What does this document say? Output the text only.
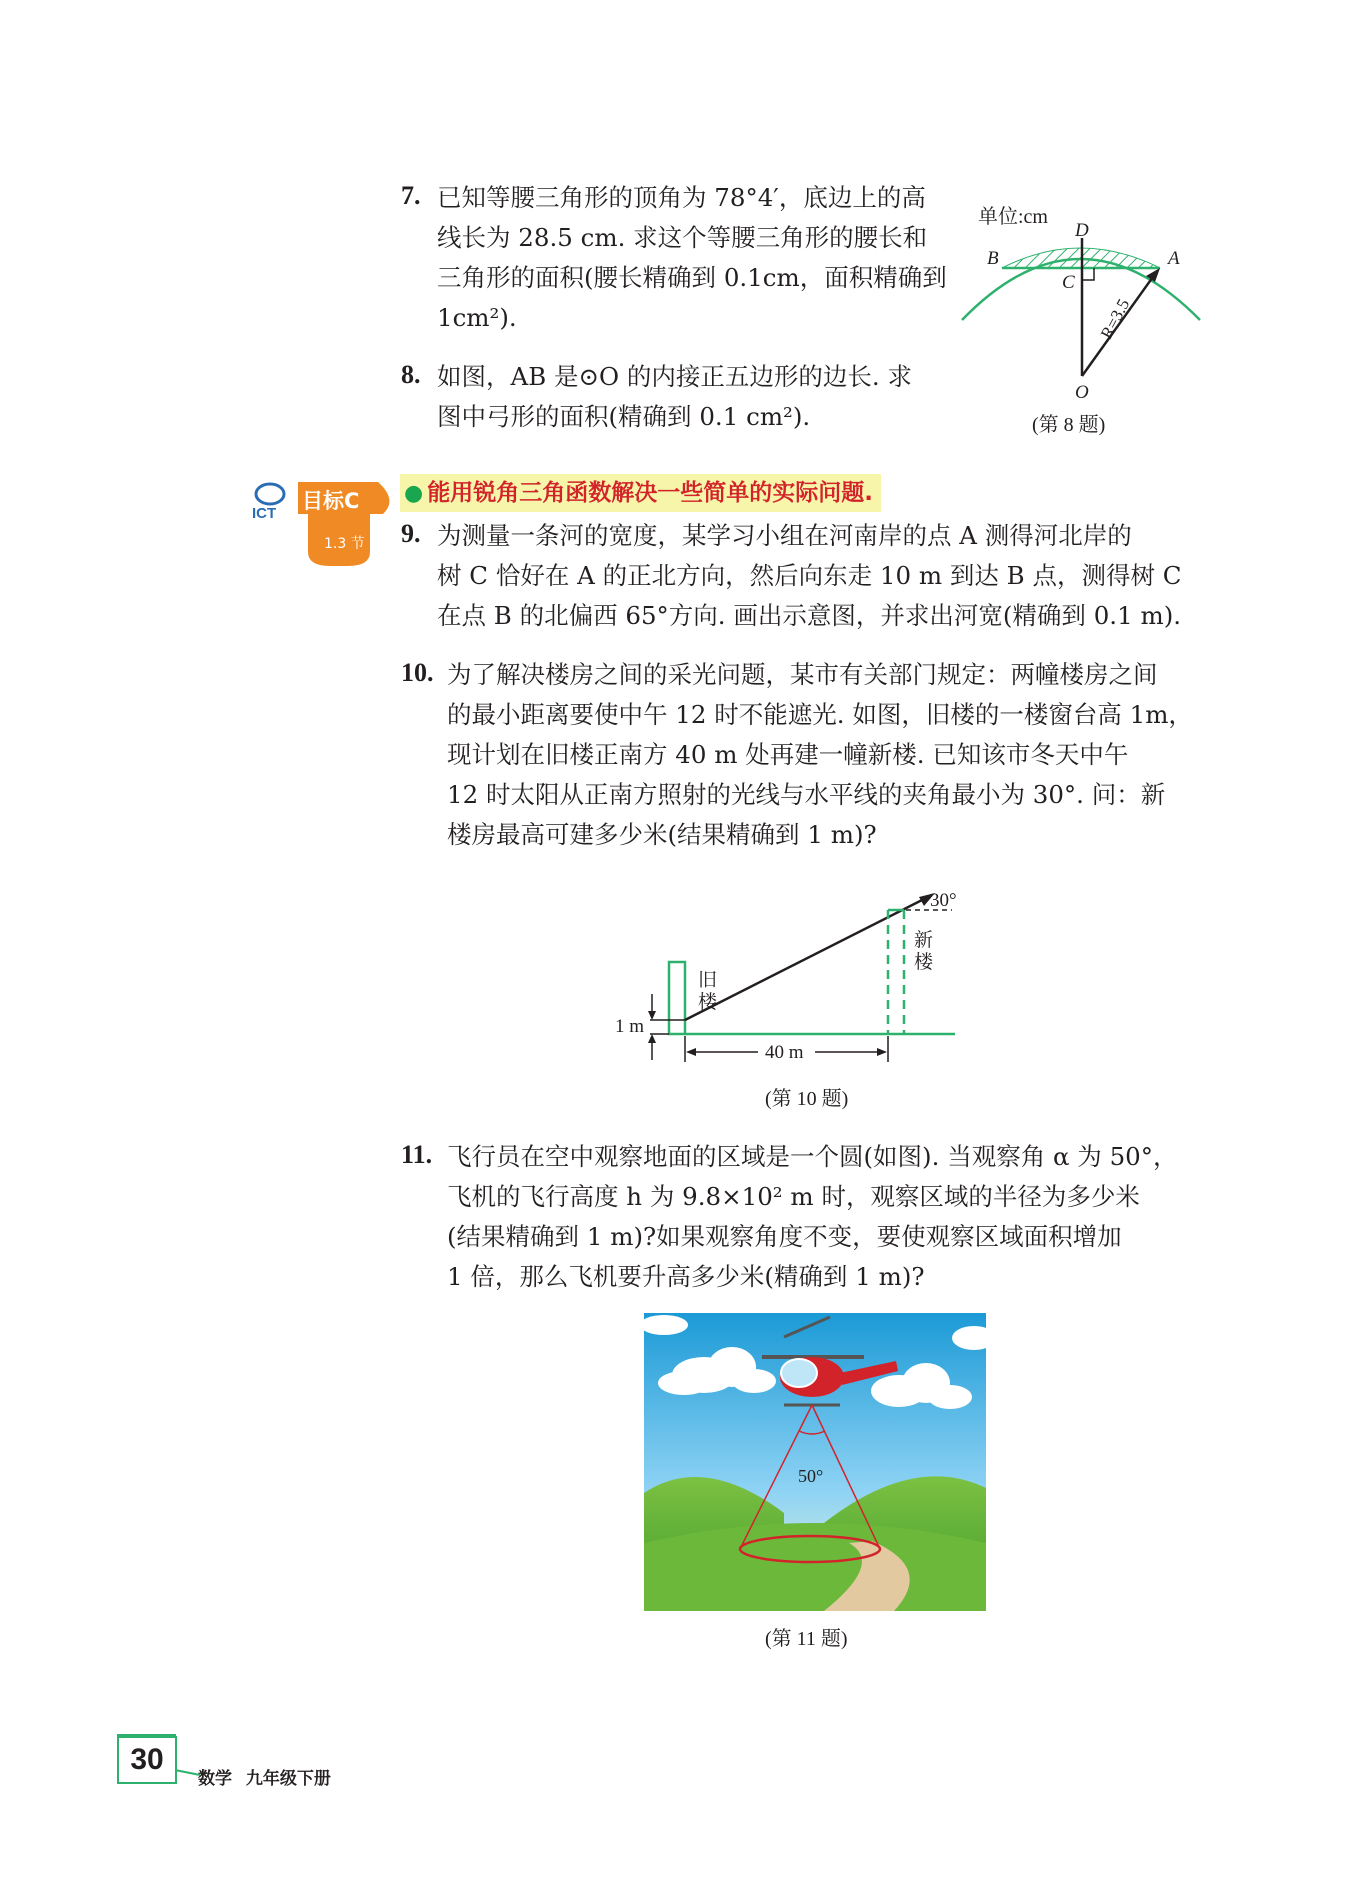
7. 已知等腰三角形的顶角为 78°4′，底边上的高
线长为 28.5 cm. 求这个等腰三角形的腰长和
三角形的面积(腰长精确到 0.1cm，面积精确到
1cm²).
8. 如图，AB 是⊙O 的内接正五边形的边长. 求
图中弓形的面积(精确到 0.1 cm²).
单位:cm
B
D
A
C
O
R=3.5
(第 8 题)
ICT
目标C
1.3 节
● 能用锐角三角函数解决一些简单的实际问题.
9. 为测量一条河的宽度，某学习小组在河南岸的点 A 测得河北岸的
树 C 恰好在 A 的正北方向，然后向东走 10 m 到达 B 点，测得树 C
在点 B 的北偏西 65°方向. 画出示意图，并求出河宽(精确到 0.1 m).
10. 为了解决楼房之间的采光问题，某市有关部门规定：两幢楼房之间
的最小距离要使中午 12 时不能遮光. 如图，旧楼的一楼窗台高 1m，
现计划在旧楼正南方 40 m 处再建一幢新楼. 已知该市冬天中午
12 时太阳从正南方照射的光线与水平线的夹角最小为 30°. 问：新
楼房最高可建多少米(结果精确到 1 m)?
旧
楼
新
楼
30°
1 m
40 m
(第 10 题)
11. 飞行员在空中观察地面的区域是一个圆(如图). 当观察角 α 为 50°，
飞机的飞行高度 h 为 9.8×10² m 时，观察区域的半径为多少米
(结果精确到 1 m)?如果观察角度不变，要使观察区域面积增加
1 倍，那么飞机要升高多少米(精确到 1 m)?
50°
(第 11 题)
30
数学 九年级下册
